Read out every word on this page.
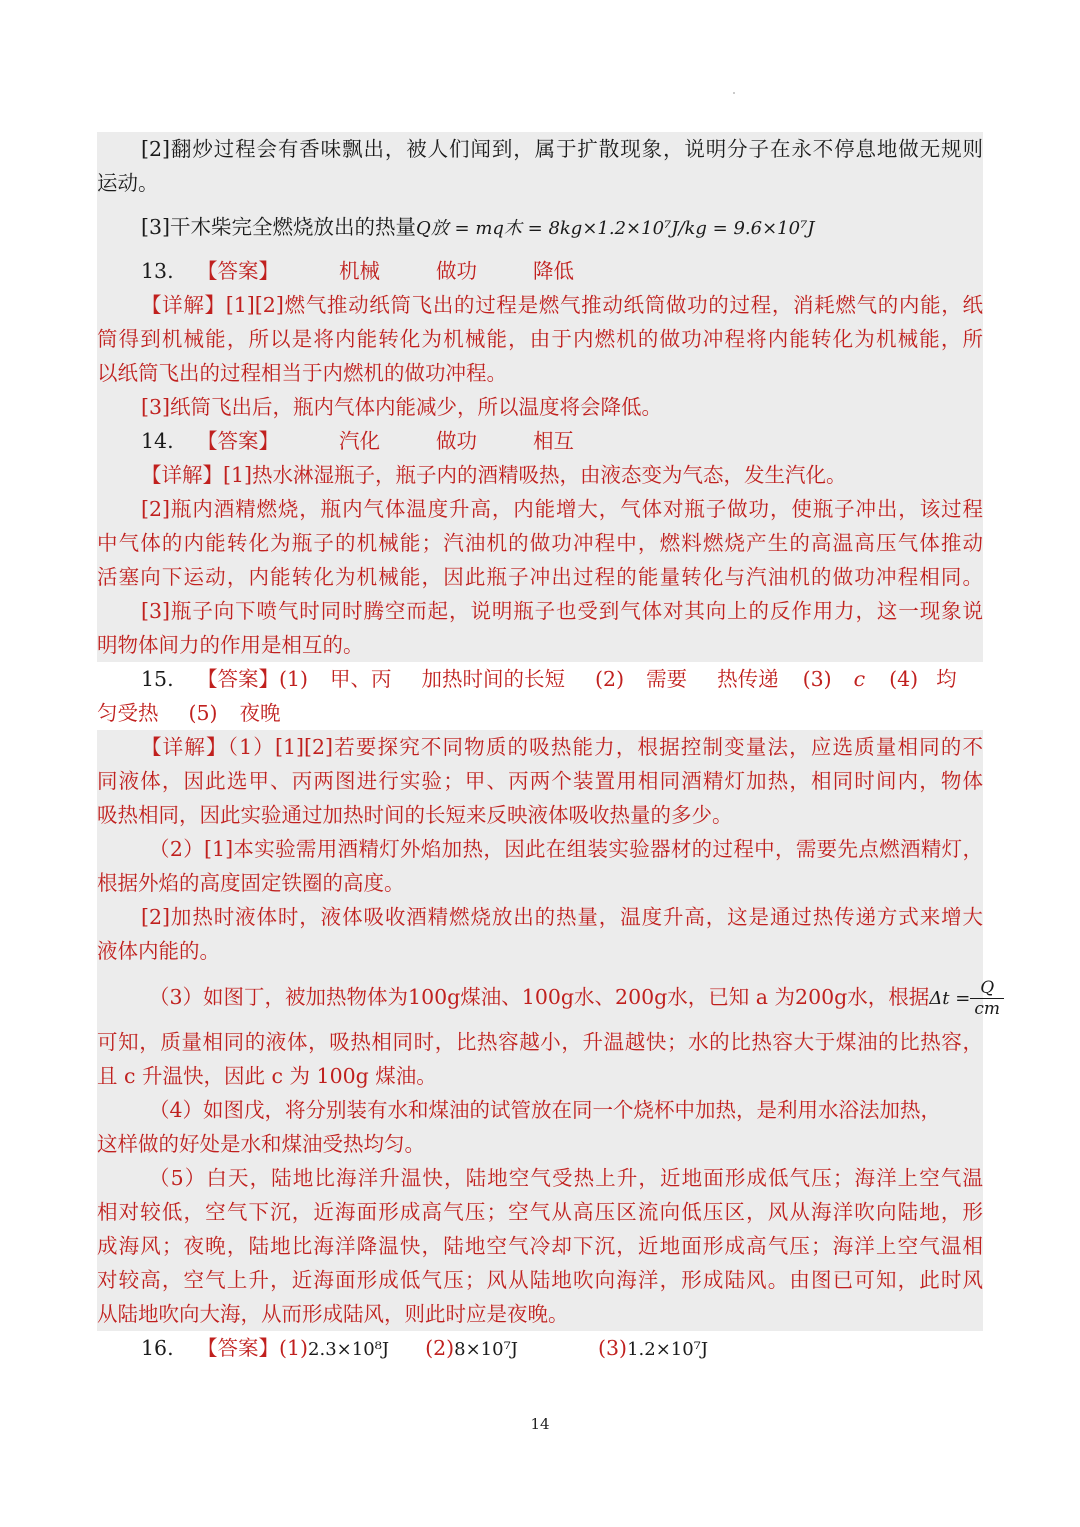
[2]翻炒过程会有香味飘出，被人们闻到，属于扩散现象，说明分子在永不停息地做无规则
运动。
[3]干木柴完全燃烧放出的热量Q放 = mq木 = 8kg×1.2×10⁷J/kg = 9.6×10⁷J
13. 【答案】	机械	做功	降低
【详解】[1][2]燃气推动纸筒飞出的过程是燃气推动纸筒做功的过程，消耗燃气的内能，纸
筒得到机械能，所以是将内能转化为机械能，由于内燃机的做功冲程将内能转化为机械能，所
以纸筒飞出的过程相当于内燃机的做功冲程。
[3]纸筒飞出后，瓶内气体内能减少，所以温度将会降低。
14. 【答案】	汽化	做功	相互
【详解】[1]热水淋湿瓶子，瓶子内的酒精吸热，由液态变为气态，发生汽化。
[2]瓶内酒精燃烧，瓶内气体温度升高，内能增大，气体对瓶子做功，使瓶子冲出，该过程
中气体的内能转化为瓶子的机械能；汽油机的做功冲程中，燃料燃烧产生的高温高压气体推动
活塞向下运动，内能转化为机械能，因此瓶子冲出过程的能量转化与汽油机的做功冲程相同。
[3]瓶子向下喷气时同时腾空而起，说明瓶子也受到气体对其向上的反作用力，这一现象说
明物体间力的作用是相互的。
15. 【答案】(1) 甲、丙 加热时间的长短 (2) 需要 热传递 (3) c (4) 均
匀受热 (5) 夜晚
【详解】（1）[1][2]若要探究不同物质的吸热能力，根据控制变量法，应选质量相同的不
同液体，因此选甲、丙两图进行实验；甲、丙两个装置用相同酒精灯加热，相同时间内，物体
吸热相同，因此实验通过加热时间的长短来反映液体吸收热量的多少。
（2）[1]本实验需用酒精灯外焰加热，因此在组装实验器材的过程中，需要先点燃酒精灯，
根据外焰的高度固定铁圈的高度。
[2]加热时液体时，液体吸收酒精燃烧放出的热量，温度升高，这是通过热传递方式来增大
液体内能的。
（3）如图丁，被加热物体为100g煤油、100g水、200g水，已知 a 为200g水，根据$\Delta t = \frac{Q}{cm}$
可知，质量相同的液体，吸热相同时，比热容越小，升温越快；水的比热容大于煤油的比热容，
且 c 升温快，因此 c 为 100g 煤油。
（4）如图戊，将分别装有水和煤油的试管放在同一个烧杯中加热，是利用水浴法加热，
这样做的好处是水和煤油受热均匀。
（5）白天，陆地比海洋升温快，陆地空气受热上升，近地面形成低气压；海洋上空气温
相对较低，空气下沉，近海面形成高气压；空气从高压区流向低压区，风从海洋吹向陆地，形
成海风；夜晚，陆地比海洋降温快，陆地空气冷却下沉，近地面形成高气压；海洋上空气温相
对较高，空气上升，近海面形成低气压；风从陆地吹向海洋，形成陆风。由图已可知，此时风
从陆地吹向大海，从而形成陆风，则此时应是夜晚。
16. 【答案】(1)2.3×10⁸J (2)8×10⁷J	(3)1.2×10⁷J
14
